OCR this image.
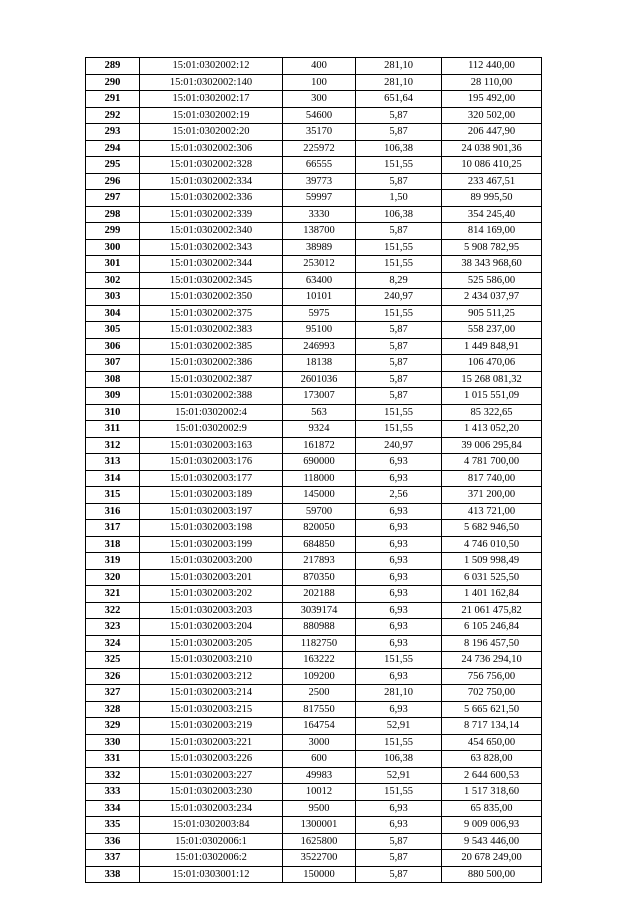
289	15:01:0302002:12	400	281,10	112 440,00
290	15:01:0302002:140	100	281,10	28 110,00
291	15:01:0302002:17	300	651,64	195 492,00
292	15:01:0302002:19	54600	5,87	320 502,00
293	15:01:0302002:20	35170	5,87	206 447,90
294	15:01:0302002:306	225972	106,38	24 038 901,36
295	15:01:0302002:328	66555	151,55	10 086 410,25
296	15:01:0302002:334	39773	5,87	233 467,51
297	15:01:0302002:336	59997	1,50	89 995,50
298	15:01:0302002:339	3330	106,38	354 245,40
299	15:01:0302002:340	138700	5,87	814 169,00
300	15:01:0302002:343	38989	151,55	5 908 782,95
301	15:01:0302002:344	253012	151,55	38 343 968,60
302	15:01:0302002:345	63400	8,29	525 586,00
303	15:01:0302002:350	10101	240,97	2 434 037,97
304	15:01:0302002:375	5975	151,55	905 511,25
305	15:01:0302002:383	95100	5,87	558 237,00
306	15:01:0302002:385	246993	5,87	1 449 848,91
307	15:01:0302002:386	18138	5,87	106 470,06
308	15:01:0302002:387	2601036	5,87	15 268 081,32
309	15:01:0302002:388	173007	5,87	1 015 551,09
310	15:01:0302002:4	563	151,55	85 322,65
311	15:01:0302002:9	9324	151,55	1 413 052,20
312	15:01:0302003:163	161872	240,97	39 006 295,84
313	15:01:0302003:176	690000	6,93	4 781 700,00
314	15:01:0302003:177	118000	6,93	817 740,00
315	15:01:0302003:189	145000	2,56	371 200,00
316	15:01:0302003:197	59700	6,93	413 721,00
317	15:01:0302003:198	820050	6,93	5 682 946,50
318	15:01:0302003:199	684850	6,93	4 746 010,50
319	15:01:0302003:200	217893	6,93	1 509 998,49
320	15:01:0302003:201	870350	6,93	6 031 525,50
321	15:01:0302003:202	202188	6,93	1 401 162,84
322	15:01:0302003:203	3039174	6,93	21 061 475,82
323	15:01:0302003:204	880988	6,93	6 105 246,84
324	15:01:0302003:205	1182750	6,93	8 196 457,50
325	15:01:0302003:210	163222	151,55	24 736 294,10
326	15:01:0302003:212	109200	6,93	756 756,00
327	15:01:0302003:214	2500	281,10	702 750,00
328	15:01:0302003:215	817550	6,93	5 665 621,50
329	15:01:0302003:219	164754	52,91	8 717 134,14
330	15:01:0302003:221	3000	151,55	454 650,00
331	15:01:0302003:226	600	106,38	63 828,00
332	15:01:0302003:227	49983	52,91	2 644 600,53
333	15:01:0302003:230	10012	151,55	1 517 318,60
334	15:01:0302003:234	9500	6,93	65 835,00
335	15:01:0302003:84	1300001	6,93	9 009 006,93
336	15:01:0302006:1	1625800	5,87	9 543 446,00
337	15:01:0302006:2	3522700	5,87	20 678 249,00
338	15:01:0303001:12	150000	5,87	880 500,00
